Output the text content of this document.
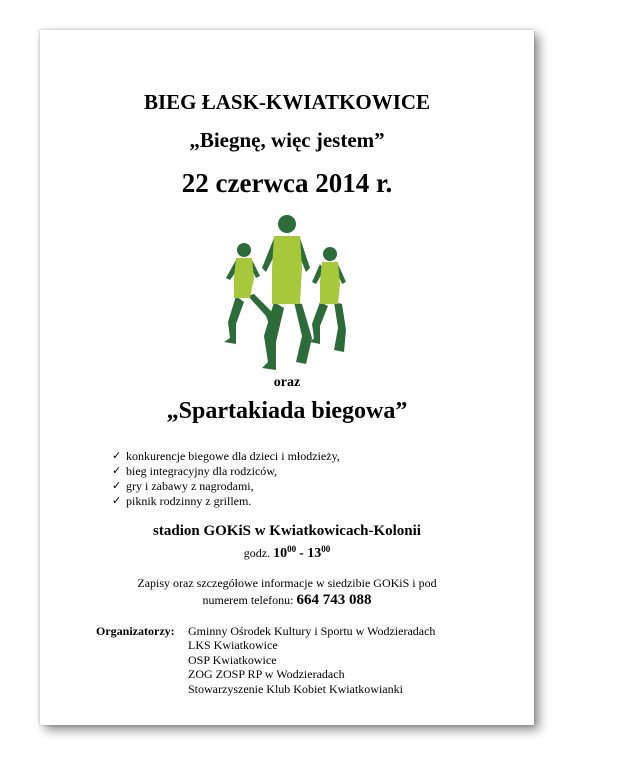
BIEG ŁASK-KWIATKOWICE
„Biegnę, więc jestem”
22 czerwca 2014 r.
oraz
„Spartakiada biegowa”
✓ konkurencje biegowe dla dzieci i młodzieży,
✓ bieg integracyjny dla rodziców,
✓ gry i zabawy z nagrodami,
✓ piknik rodzinny z grillem.
stadion GOKiS w Kwiatkowicach-Kolonii
godz. $10^{00} - 13^{00}$
Zapisy oraz szczegółowe informacje w siedzibie GOKiS i pod
numerem telefonu: 664 743 088
Organizatorzy: Gminny Ośrodek Kultury i Sportu w Wodzieradach
LKS Kwiatkowice
OSP Kwiatkowice
ZOG ZOSP RP w Wodzieradach
Stowarzyszenie Klub Kobiet Kwiatkowianki
